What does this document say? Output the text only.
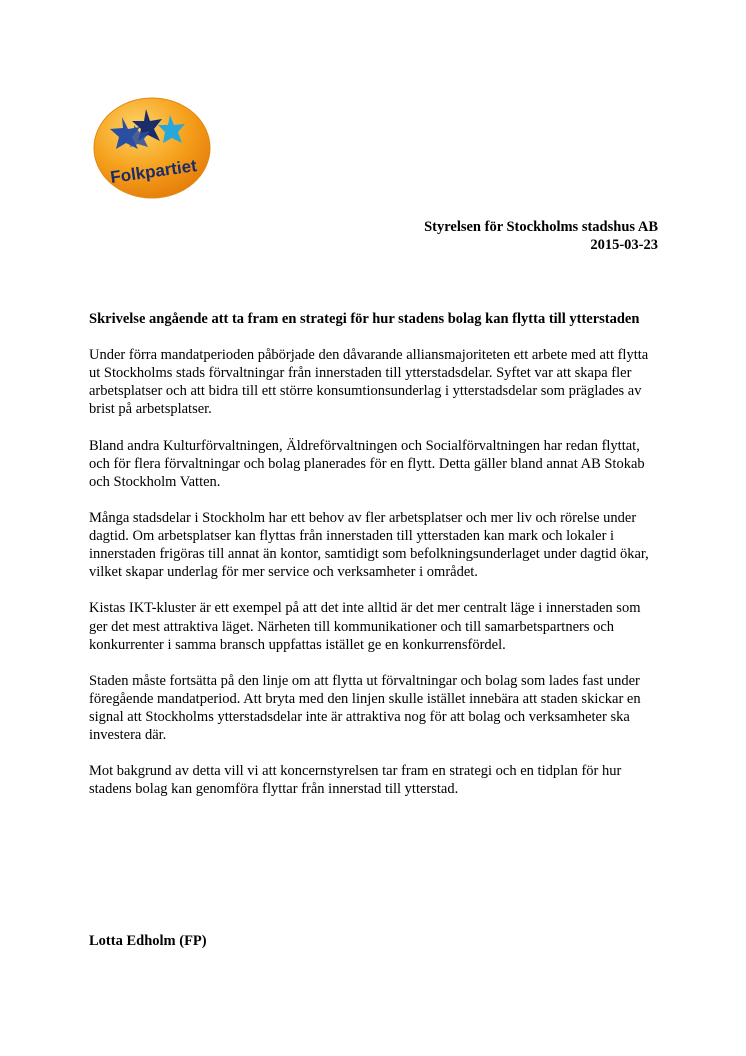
Folkpartiet
Styrelsen för Stockholms stadshus AB
2015-03-23
Skrivelse angående att ta fram en strategi för hur stadens bolag kan flytta till ytterstaden

Under förra mandatperioden påbörjade den dåvarande alliansmajoriteten ett arbete med att flytta ut Stockholms stads förvaltningar från innerstaden till ytterstadsdelar. Syftet var att skapa fler arbetsplatser och att bidra till ett större konsumtionsunderlag i ytterstadsdelar som präglades av brist på arbetsplatser.

Bland andra Kulturförvaltningen, Äldreförvaltningen och Socialförvaltningen har redan flyttat, och för flera förvaltningar och bolag planerades för en flytt. Detta gäller bland annat AB Stokab och Stockholm Vatten.

Många stadsdelar i Stockholm har ett behov av fler arbetsplatser och mer liv och rörelse under dagtid. Om arbetsplatser kan flyttas från innerstaden till ytterstaden kan mark och lokaler i innerstaden frigöras till annat än kontor, samtidigt som befolkningsunderlaget under dagtid ökar, vilket skapar underlag för mer service och verksamheter i området.

Kistas IKT-kluster är ett exempel på att det inte alltid är det mer centralt läge i innerstaden som ger det mest attraktiva läget. Närheten till kommunikationer och till samarbetspartners och konkurrenter i samma bransch uppfattas istället ge en konkurrensfördel.

Staden måste fortsätta på den linje om att flytta ut förvaltningar och bolag som lades fast under föregående mandatperiod. Att bryta med den linjen skulle istället innebära att staden skickar en signal att Stockholms ytterstadsdelar inte är attraktiva nog för att bolag och verksamheter ska investera där.

Mot bakgrund av detta vill vi att koncernstyrelsen tar fram en strategi och en tidplan för hur stadens bolag kan genomföra flyttar från innerstad till ytterstad.

Lotta Edholm (FP)
